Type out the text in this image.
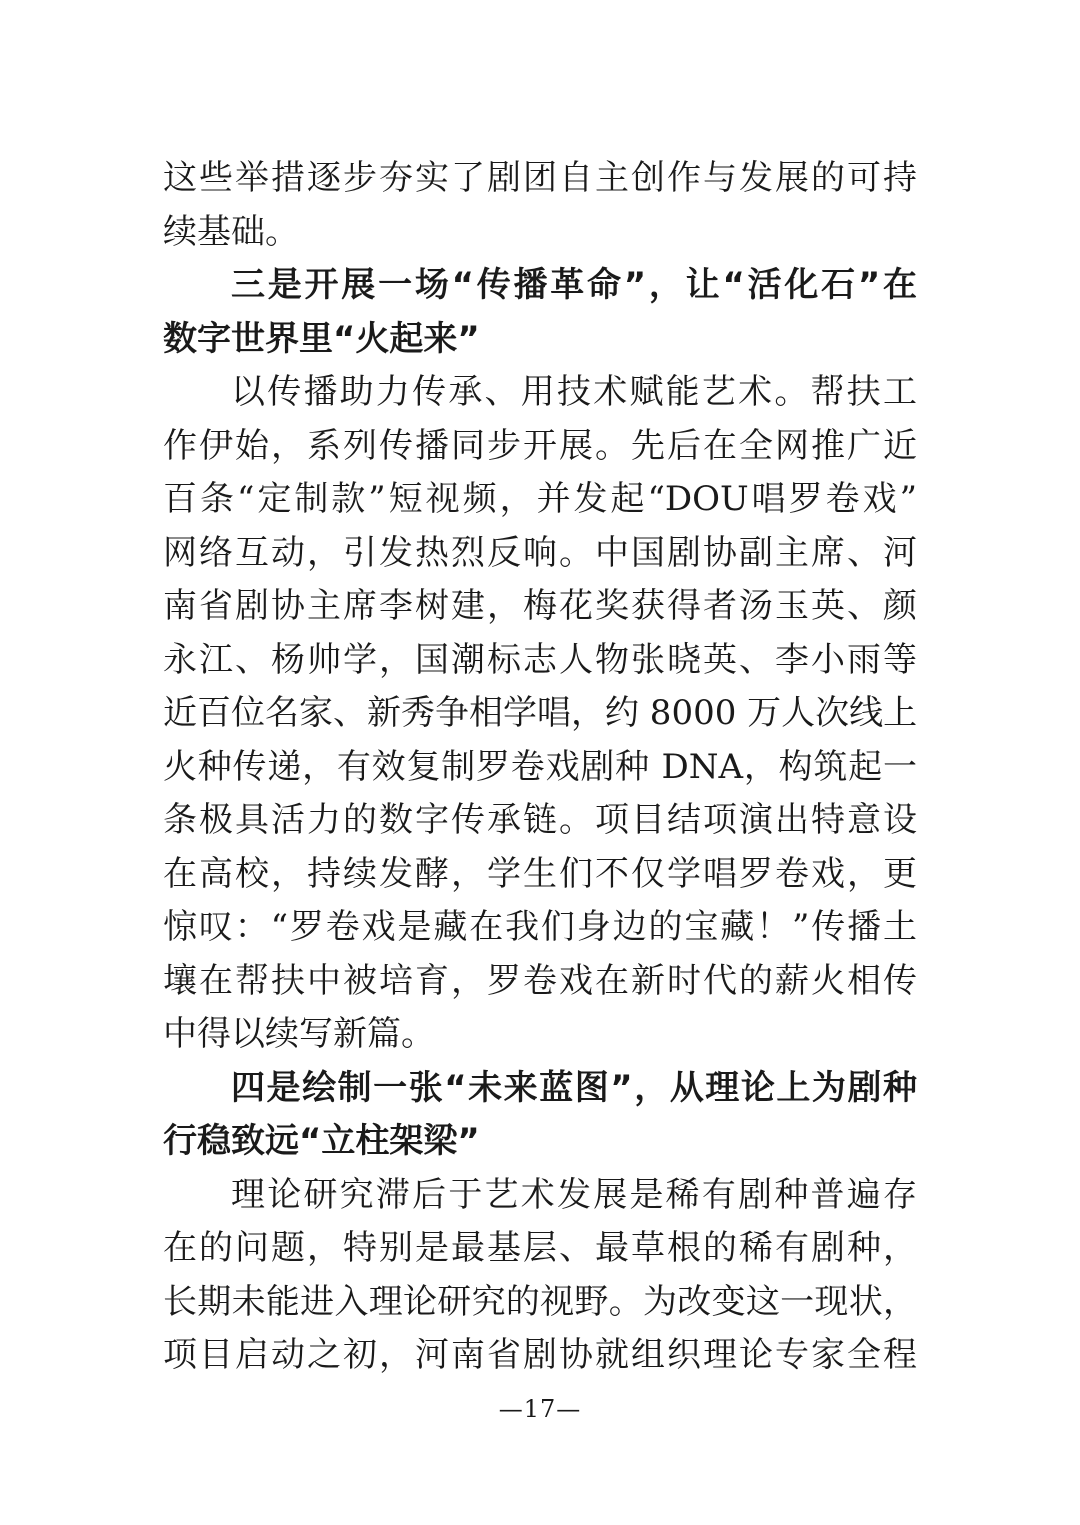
这些举措逐步夯实了剧团自主创作与发展的可持
续基础。
三是开展一场“传播革命”，让“活化石”在
数字世界里“火起来”
以传播助力传承、用技术赋能艺术。帮扶工
作伊始，系列传播同步开展。先后在全网推广近
百条“定制款”短视频，并发起“DOU唱罗卷戏”
网络互动，引发热烈反响。中国剧协副主席、河
南省剧协主席李树建，梅花奖获得者汤玉英、颜
永江、杨帅学，国潮标志人物张晓英、李小雨等
近百位名家、新秀争相学唱，约 8000 万人次线上
火种传递，有效复制罗卷戏剧种 DNA，构筑起一
条极具活力的数字传承链。项目结项演出特意设
在高校，持续发酵，学生们不仅学唱罗卷戏，更
惊叹：“罗卷戏是藏在我们身边的宝藏！”传播土
壤在帮扶中被培育，罗卷戏在新时代的薪火相传
中得以续写新篇。
四是绘制一张“未来蓝图”，从理论上为剧种
行稳致远“立柱架梁”
理论研究滞后于艺术发展是稀有剧种普遍存
在的问题，特别是最基层、最草根的稀有剧种，
长期未能进入理论研究的视野。为改变这一现状，
项目启动之初，河南省剧协就组织理论专家全程
—17—
